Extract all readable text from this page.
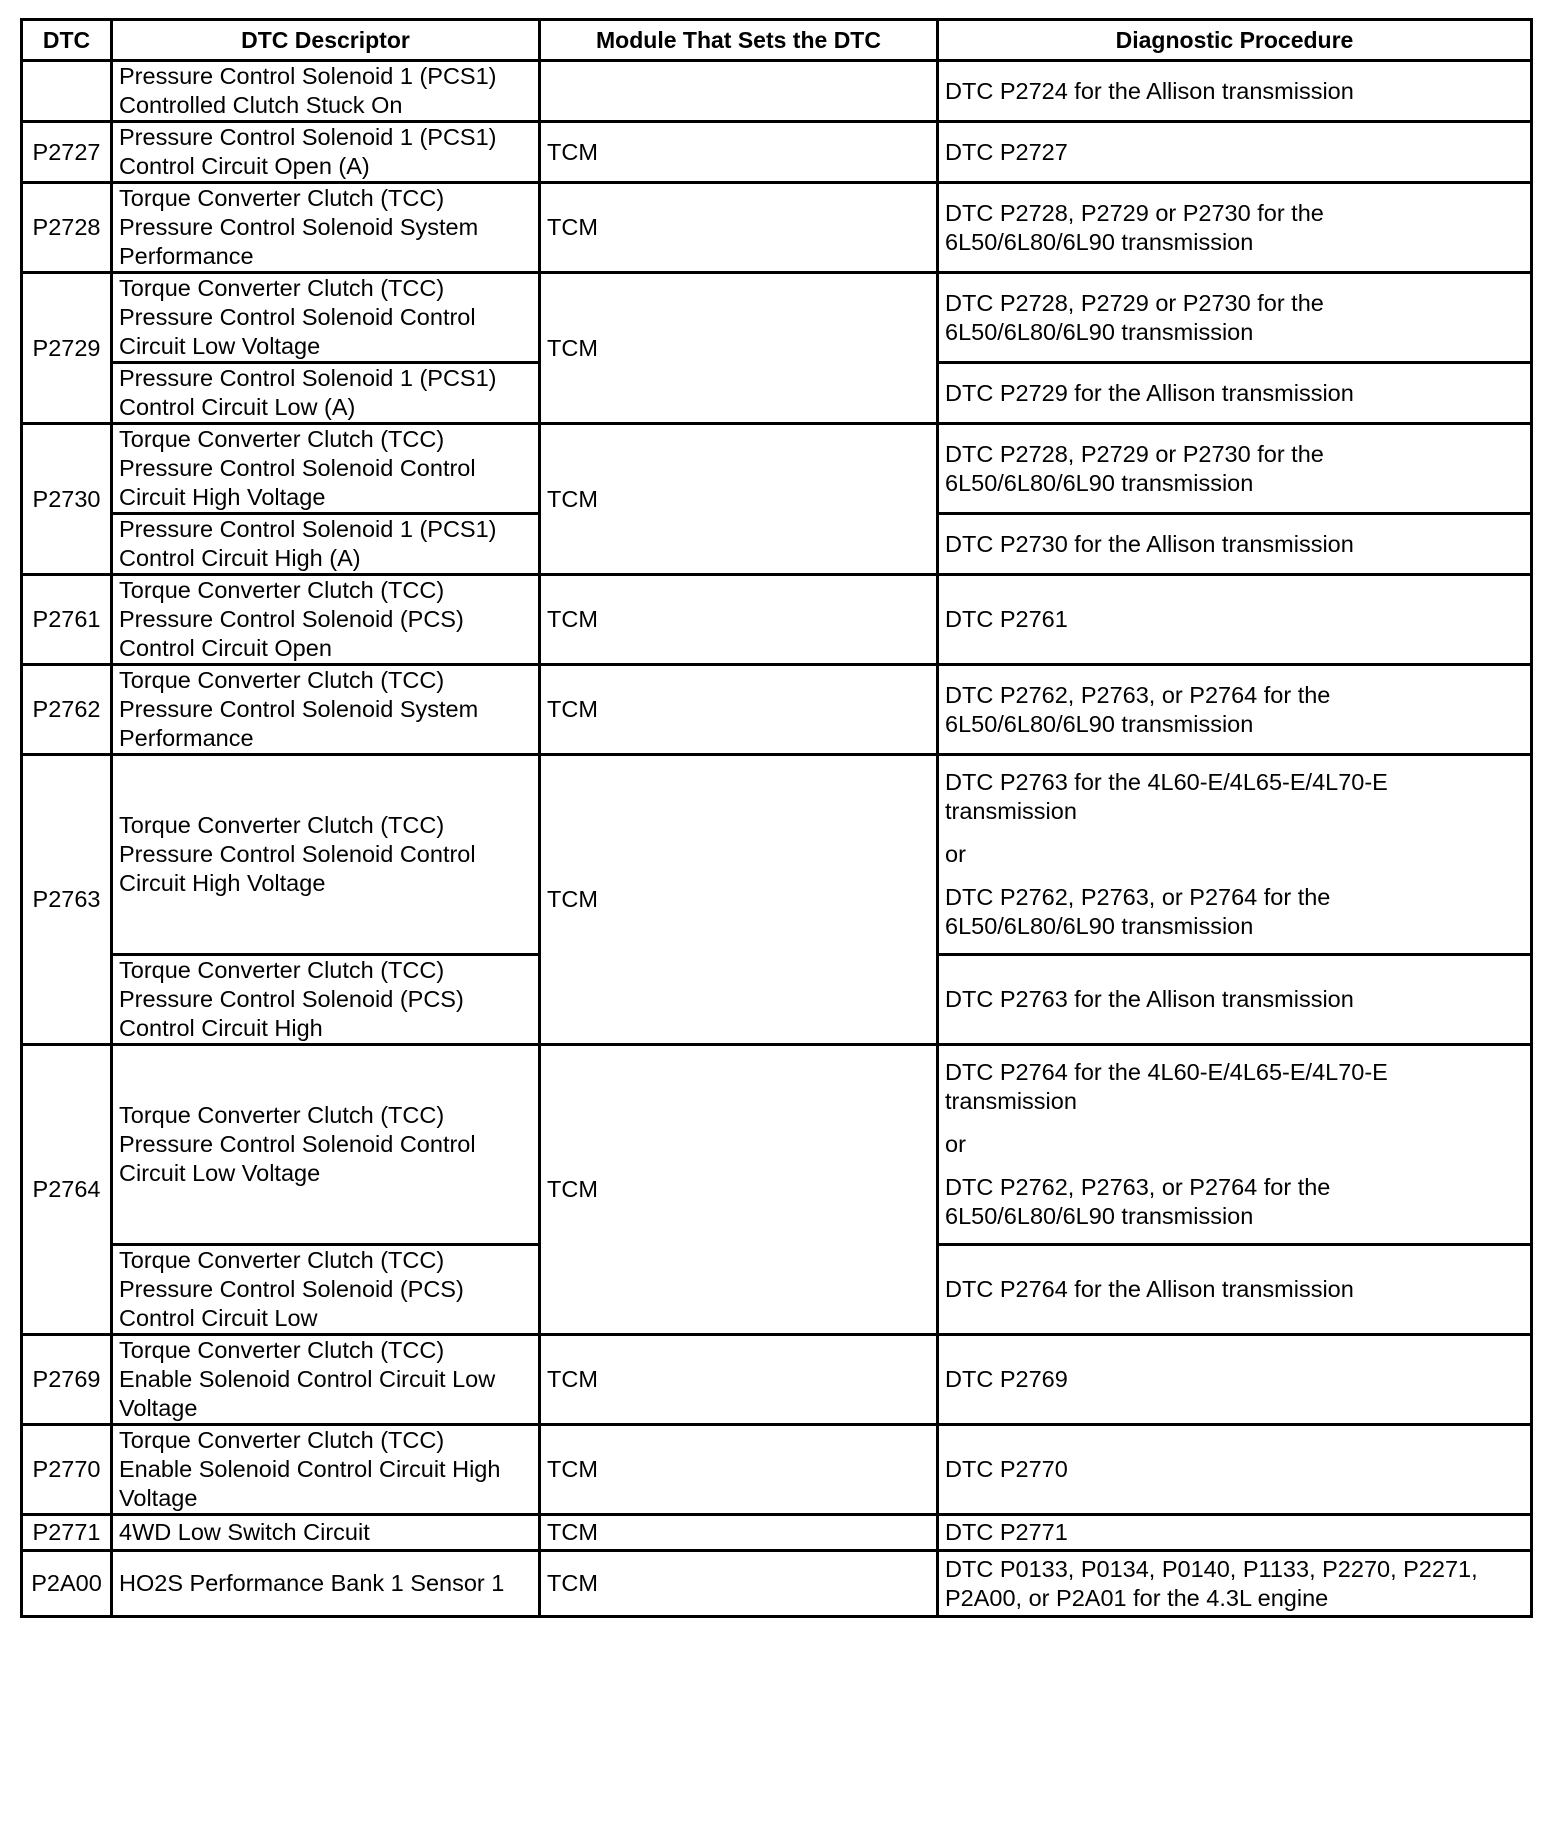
DTC	DTC Descriptor	Module That Sets the DTC	Diagnostic Procedure

	Pressure Control Solenoid 1 (PCS1)
Controlled Clutch Stuck On		DTC P2724 for the Allison transmission

P2727	Pressure Control Solenoid 1 (PCS1)
Control Circuit Open (A)	TCM	DTC P2727

P2728	Torque Converter Clutch (TCC)
Pressure Control Solenoid System
Performance	TCM	DTC P2728, P2729 or P2730 for the
6L50/6L80/6L90 transmission

P2729	Torque Converter Clutch (TCC)
Pressure Control Solenoid Control
Circuit Low Voltage	TCM	DTC P2728, P2729 or P2730 for the
6L50/6L80/6L90 transmission

	Pressure Control Solenoid 1 (PCS1)
Control Circuit Low (A)		DTC P2729 for the Allison transmission

P2730	Torque Converter Clutch (TCC)
Pressure Control Solenoid Control
Circuit High Voltage	TCM	DTC P2728, P2729 or P2730 for the
6L50/6L80/6L90 transmission

	Pressure Control Solenoid 1 (PCS1)
Control Circuit High (A)		DTC P2730 for the Allison transmission

P2761	Torque Converter Clutch (TCC)
Pressure Control Solenoid (PCS)
Control Circuit Open	TCM	DTC P2761

P2762	Torque Converter Clutch (TCC)
Pressure Control Solenoid System
Performance	TCM	DTC P2762, P2763, or P2764 for the
6L50/6L80/6L90 transmission

P2763	Torque Converter Clutch (TCC)
Pressure Control Solenoid Control
Circuit High Voltage	TCM	DTC P2763 for the 4L60-E/4L65-E/4L70-E
transmission
or
DTC P2762, P2763, or P2764 for the
6L50/6L80/6L90 transmission

	Torque Converter Clutch (TCC)
Pressure Control Solenoid (PCS)
Control Circuit High		DTC P2763 for the Allison transmission

P2764	Torque Converter Clutch (TCC)
Pressure Control Solenoid Control
Circuit Low Voltage	TCM	DTC P2764 for the 4L60-E/4L65-E/4L70-E
transmission
or
DTC P2762, P2763, or P2764 for the
6L50/6L80/6L90 transmission

	Torque Converter Clutch (TCC)
Pressure Control Solenoid (PCS)
Control Circuit Low		DTC P2764 for the Allison transmission

P2769	Torque Converter Clutch (TCC)
Enable Solenoid Control Circuit Low
Voltage	TCM	DTC P2769

P2770	Torque Converter Clutch (TCC)
Enable Solenoid Control Circuit High
Voltage	TCM	DTC P2770

P2771	4WD Low Switch Circuit	TCM	DTC P2771

P2A00	HO2S Performance Bank 1 Sensor 1	TCM	DTC P0133, P0134, P0140, P1133, P2270, P2271,
P2A00, or P2A01 for the 4.3L engine
